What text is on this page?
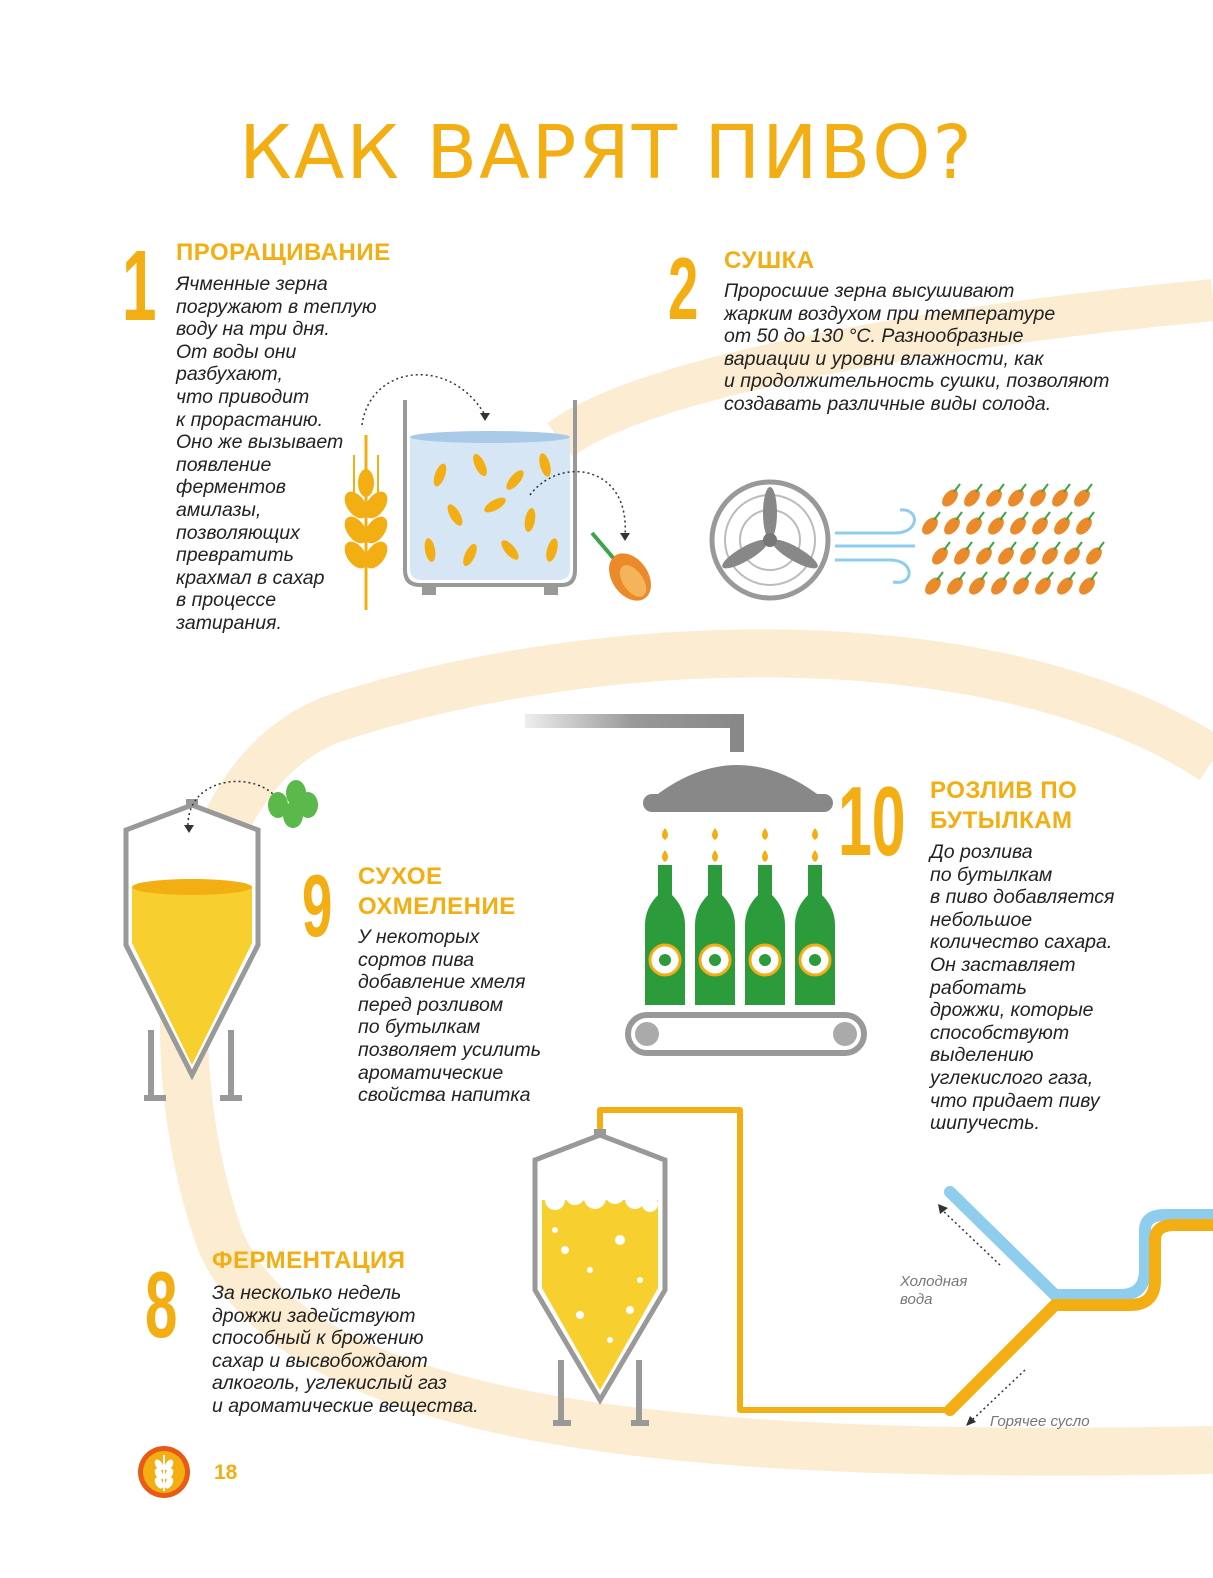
КАК ВАРЯТ ПИВО?
1 ПРОРАЩИВАНИЕ
Ячменные зерна
погружают в теплую
воду на три дня.
От воды они
разбухают,
что приводит
к прорастанию.
Оно же вызывает
появление
ферментов
амилазы,
позволяющих
превратить
крахмал в сахар
в процессе
затирания.
2 СУШКА
Проросшие зерна высушивают
жарким воздухом при температуре
от 50 до 130 °C. Разнообразные
вариации и уровни влажности, как
и продолжительность сушки, позволяют
создавать различные виды солода.
10 РОЗЛИВ ПО
БУТЫЛКАМ
До розлива
по бутылкам
в пиво добавляется
небольшое
количество сахара.
Он заставляет
работать
дрожжи, которые
способствуют
выделению
углекислого газа,
что придает пиву
шипучесть.
9 СУХОЕ
ОХМЕЛЕНИЕ
У некоторых
сортов пива
добавление хмеля
перед розливом
по бутылкам
позволяет усилить
ароматические
свойства напитка
8 ФЕРМЕНТАЦИЯ
За несколько недель
дрожжи задействуют
способный к брожению
сахар и высвобождают
алкоголь, углекислый газ
и ароматические вещества.
Холодная
вода
Горячее сусло
18
